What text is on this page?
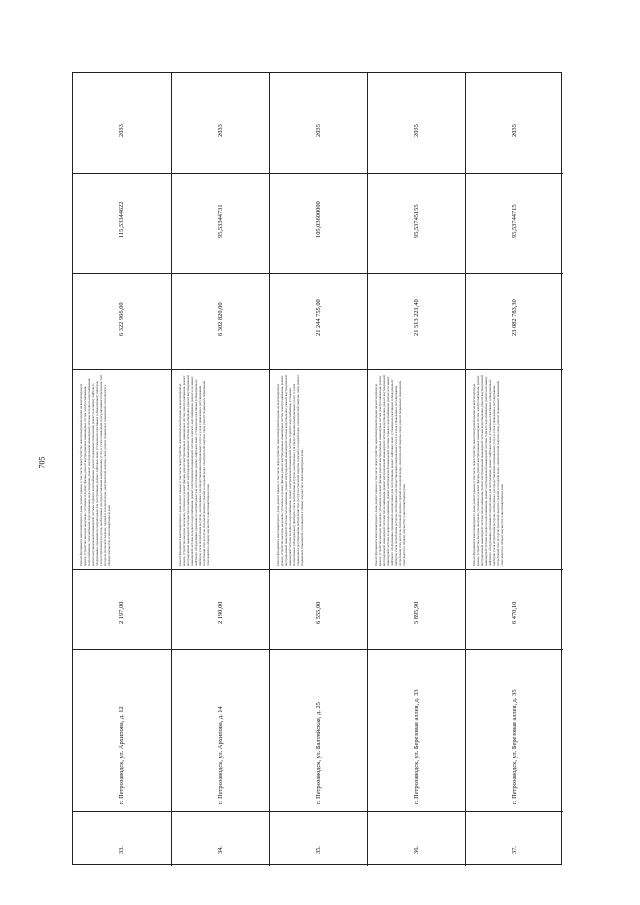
705
33.
г. Петрозаводск, ул. Архипова, д. 12
2 197,00
Ремонт фундамента многоквартирного дома, ремонт крыши, в том числе переустройство невентилируемой крыши на вентилируемую крышу, устройство выходов на кровлю, утепление и ремонт фасада, ремонт внутридомовых инженерных систем электроснабжения, теплоснабжения, газоснабжения, водоснабжения, водоотведения, ремонт внутридомовой инженерной системы холодного водоснабжения, ремонт внутридомовой инженерной системы горячего водоснабжения, ремонт подвальных помещений, ремонт или замену лифтового оборудования, признанного непригодным для эксплуатации, ремонт лифтовых шахт, установка коллективных (общедомовых) приборов учета потребления ресурсов, необходимых для предоставления коммунальных услуг, и узлов управления и регулирования потребления этих ресурсов (тепловой энергии, горячей и холодной воды, электрической энергии, газа), ремонт подвальных помещений, относящихся к общему имуществу в многоквартирном доме
6 322 966,00
115,53344622
2033
34.
г. Петрозаводск, ул. Архипова, д. 14
2 190,00
Ремонт фундамента многоквартирного дома, ремонт крыши, в том числе переустройство невентилируемой крыши на вентилируемую крышу, устройство выходов на кровлю, утепление и ремонт фасада, ремонт внутридомовых инженерных систем электроснабжения, ремонт внутридомовой инженерной системы теплоснабжения, ремонт внутридомовой инженерной системы водоотведения, ремонт внутридомовой инженерной системы холодного водоснабжения, ремонт внутридомовой инженерной системы горячего водоснабжения, ремонт или замену лифтового оборудования, признанного непригодным для эксплуатации, ремонт лифтовых шахт, установка коллективных (общедомовых) приборов учета потребления ресурсов, необходимых для предоставления коммунальных услуг, и узлов управления и регулирования потребления этих ресурсов (тепловой энергии, горячей и холодной воды, электрической энергии, газа), ремонт подвальных помещений, относящихся к общему имуществу в многоквартирном доме
6 302 820,00
95,53344731
2033
35.
г. Петрозаводск, ул. Балтийская, д. 25
6 555,00
Ремонт фундамента многоквартирного дома, ремонт крыши, в том числе переустройство невентилируемой крыши на вентилируемую крышу, устройство выходов на кровлю, утепление и ремонт фасада, ремонт внутридомовых инженерных систем электроснабжения, ремонт внутридомовой инженерной системы теплоснабжения, ремонт внутридомовой инженерной системы водоотведения, ремонт внутридомовой инженерной системы холодного водоснабжения, ремонт внутридомовой инженерной системы горячего водоснабжения, установка коллективных (общедомовых) приборов учета потребления ресурсов, необходимых для предоставления коммунальных услуг, и узлов управления и регулирования потребления этих ресурсов (тепловой энергии, горячей и холодной воды, электрической энергии, газа), ремонт подвальных помещений, относящихся к общему имуществу в многоквартирном доме
21 244 755,00
105,03600000
2035
36.
г. Петрозаводск, ул. Березовая аллея, д. 33
5 895,90
Ремонт фундамента многоквартирного дома, ремонт крыши, в том числе переустройство невентилируемой крыши на вентилируемую крышу, устройство выходов на кровлю, утепление и ремонт фасада, ремонт внутридомовых инженерных систем электроснабжения, ремонт внутридомовой инженерной системы теплоснабжения, ремонт внутридомовой инженерной системы водоотведения, ремонт внутридомовой инженерной системы холодного водоснабжения, ремонт внутридомовой инженерной системы горячего водоснабжения, ремонт или замену лифтового оборудования, признанного непригодным для эксплуатации, ремонт лифтовых шахт, установка коллективных (общедомовых) приборов учета потребления ресурсов, необходимых для предоставления коммунальных услуг, и узлов управления и регулирования потребления этих ресурсов (тепловой энергии, горячей и холодной воды, электрической энергии, газа), ремонт подвальных помещений, относящихся к общему имуществу в многоквартирном доме
21 513 221,40
95,53745155
2035
37.
г. Петрозаводск, ул. Березовая аллея, д. 35
6 470,10
Ремонт фундамента многоквартирного дома, ремонт крыши, в том числе переустройство невентилируемой крыши на вентилируемую крышу, устройство выходов на кровлю, утепление и ремонт фасада, ремонт внутридомовых инженерных систем электроснабжения, ремонт внутридомовой инженерной системы теплоснабжения, ремонт внутридомовой инженерной системы водоотведения, ремонт внутридомовой инженерной системы холодного водоснабжения, ремонт внутридомовой инженерной системы горячего водоснабжения, ремонт или замену лифтового оборудования, признанного непригодным для эксплуатации, ремонт лифтовых шахт, установка коллективных (общедомовых) приборов учета потребления ресурсов, необходимых для предоставления коммунальных услуг, и узлов управления и регулирования потребления этих ресурсов (тепловой энергии, горячей и холодной воды, электрической энергии, газа), ремонт подвальных помещений, относящихся к общему имуществу в многоквартирном доме
23 082 783,30
95,53744715
2035
